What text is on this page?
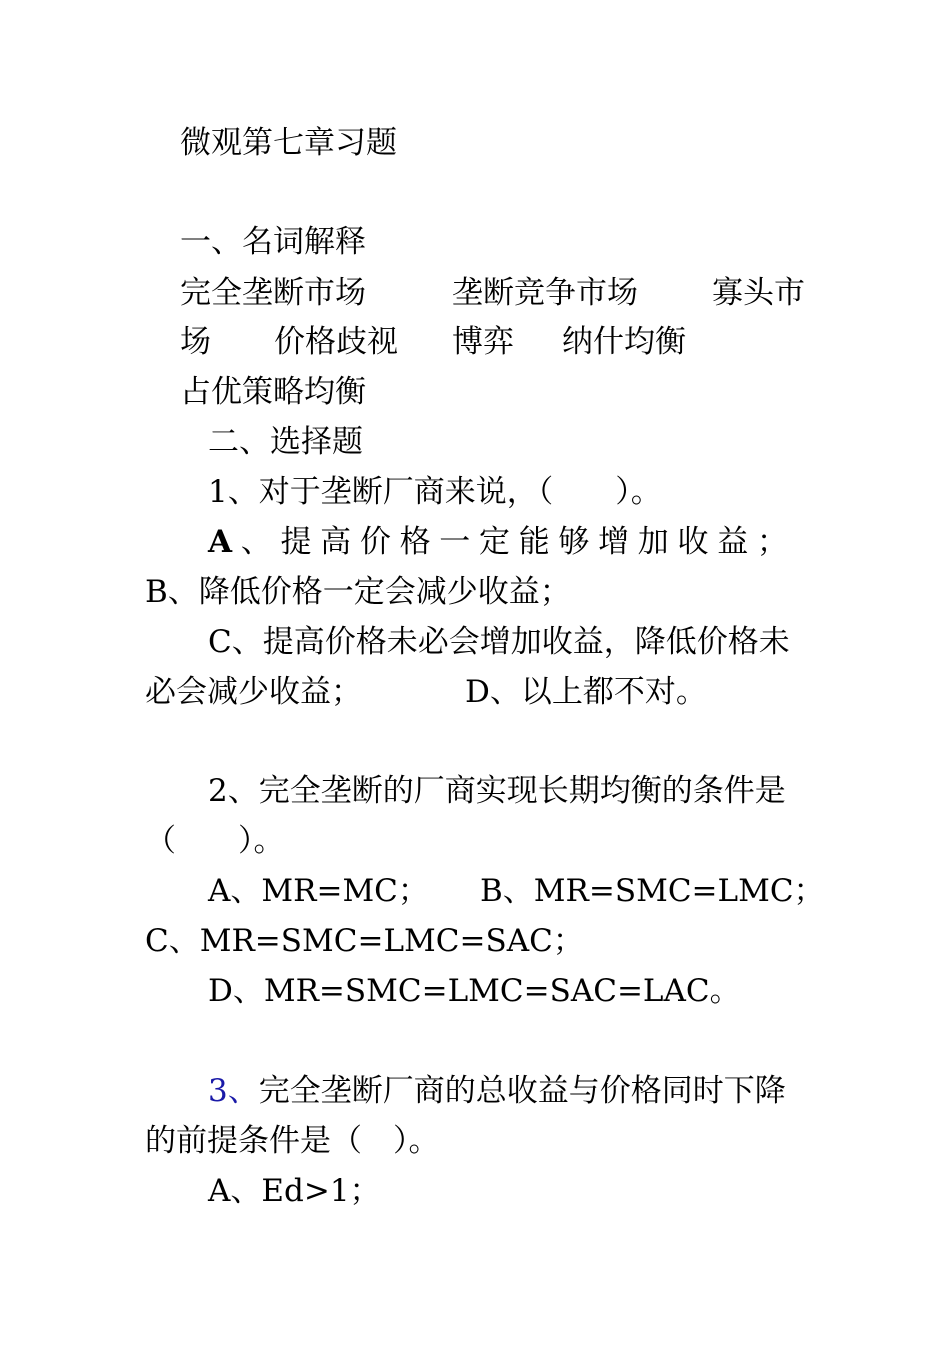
微观第七章习题
一、名词解释
完全垄断市场	垄断竞争市场 寡头市
场 价格歧视 博弈 纳什均衡
占优策略均衡
二、选择题
1、对于垄断厂商来说，（　　）。
A 、 提 高 价 格 一 定 能 够 增 加 收 益 ；
B、降低价格一定会减少收益；
C、提高价格未必会增加收益，降低价格未
必会减少收益；	D、以上都不对。
2、完全垄断的厂商实现长期均衡的条件是
（　　）。
A、MR=MC； B、MR=SMC=LMC；
C、MR=SMC=LMC=SAC；
D、MR=SMC=LMC=SAC=LAC。
3、完全垄断厂商的总收益与价格同时下降
的前提条件是（　）。
A、Ed>1；
